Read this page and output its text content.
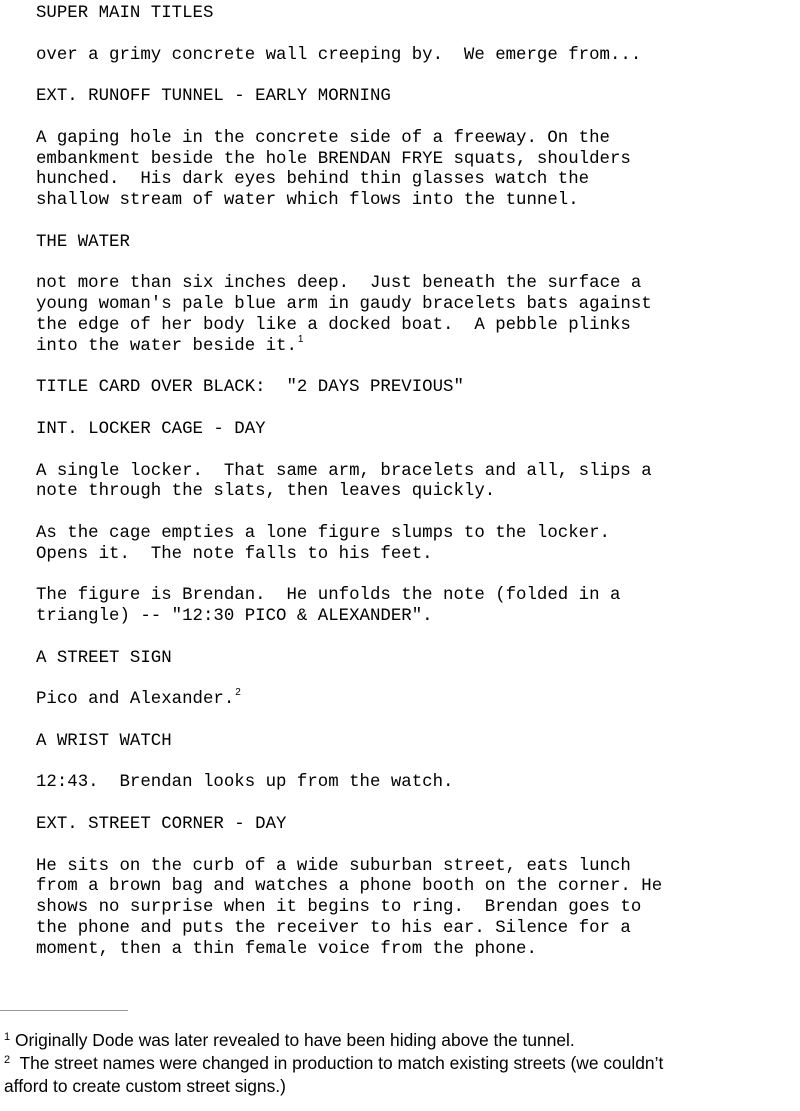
SUPER MAIN TITLES
over a grimy concrete wall creeping by.  We emerge from...
EXT. RUNOFF TUNNEL - EARLY MORNING
A gaping hole in the concrete side of a freeway. On the
embankment beside the hole BRENDAN FRYE squats, shoulders
hunched.  His dark eyes behind thin glasses watch the
shallow stream of water which flows into the tunnel.
THE WATER
not more than six inches deep.  Just beneath the surface a
young woman's pale blue arm in gaudy bracelets bats against
the edge of her body like a docked boat.  A pebble plinks
into the water beside it.$^1$
TITLE CARD OVER BLACK:  "2 DAYS PREVIOUS"
INT. LOCKER CAGE - DAY
A single locker.  That same arm, bracelets and all, slips a
note through the slats, then leaves quickly.
As the cage empties a lone figure slumps to the locker.
Opens it.  The note falls to his feet.
The figure is Brendan.  He unfolds the note (folded in a
triangle) -- "12:30 PICO & ALEXANDER".
A STREET SIGN
Pico and Alexander.$^2$
A WRIST WATCH
12:43.  Brendan looks up from the watch.
EXT. STREET CORNER - DAY
He sits on the curb of a wide suburban street, eats lunch
from a brown bag and watches a phone booth on the corner. He
shows no surprise when it begins to ring.  Brendan goes to
the phone and puts the receiver to his ear. Silence for a
moment, then a thin female voice from the phone.
$^1$ Originally Dode was later revealed to have been hiding above the tunnel.
$^2$  The street names were changed in production to match existing streets (we couldn’t
afford to create custom street signs.)
